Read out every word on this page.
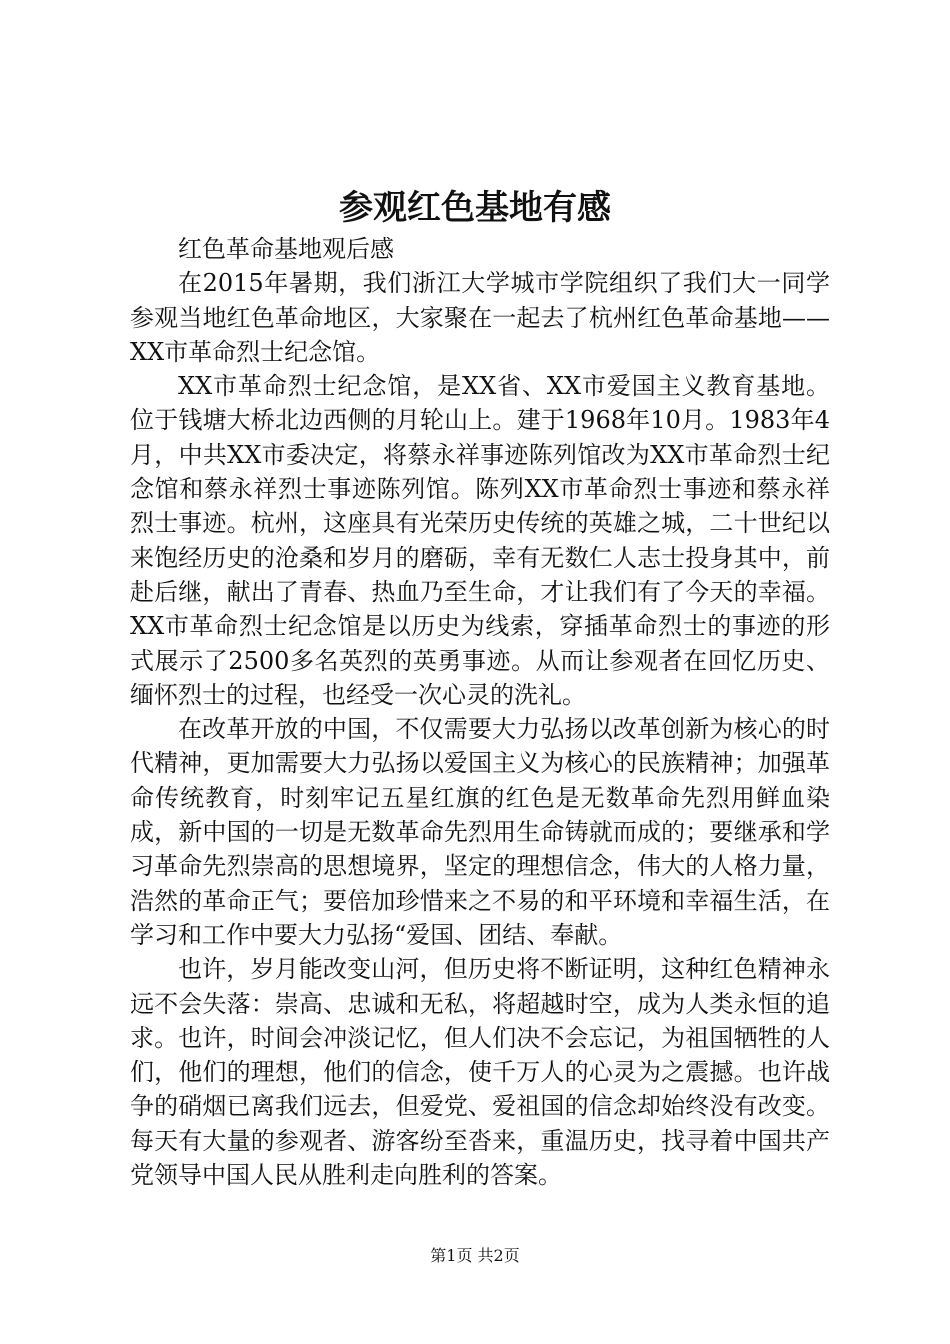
参观红色基地有感

红色革命基地观后感

在2015年暑期，我们浙江大学城市学院组织了我们大一同学参观当地红色革命地区，大家聚在一起去了杭州红色革命基地——XX市革命烈士纪念馆。

XX市革命烈士纪念馆，是XX省、XX市爱国主义教育基地。位于钱塘大桥北边西侧的月轮山上。建于1968年10月。1983年4月，中共XX市委决定，将蔡永祥事迹陈列馆改为XX市革命烈士纪念馆和蔡永祥烈士事迹陈列馆。陈列XX市革命烈士事迹和蔡永祥烈士事迹。杭州，这座具有光荣历史传统的英雄之城，二十世纪以来饱经历史的沧桑和岁月的磨砺，幸有无数仁人志士投身其中，前赴后继，献出了青春、热血乃至生命，才让我们有了今天的幸福。XX市革命烈士纪念馆是以历史为线索，穿插革命烈士的事迹的形式展示了2500多名英烈的英勇事迹。从而让参观者在回忆历史、缅怀烈士的过程，也经受一次心灵的洗礼。

在改革开放的中国，不仅需要大力弘扬以改革创新为核心的时代精神，更加需要大力弘扬以爱国主义为核心的民族精神；加强革命传统教育，时刻牢记五星红旗的红色是无数革命先烈用鲜血染成，新中国的一切是无数革命先烈用生命铸就而成的；要继承和学习革命先烈崇高的思想境界，坚定的理想信念，伟大的人格力量，浩然的革命正气；要倍加珍惜来之不易的和平环境和幸福生活，在学习和工作中要大力弘扬“爱国、团结、奉献。

也许，岁月能改变山河，但历史将不断证明，这种红色精神永远不会失落：崇高、忠诚和无私，将超越时空，成为人类永恒的追求。也许，时间会冲淡记忆，但人们决不会忘记，为祖国牺牲的人们，他们的理想，他们的信念，使千万人的心灵为之震撼。也许战争的硝烟已离我们远去，但爱党、爱祖国的信念却始终没有改变。每天有大量的参观者、游客纷至沓来，重温历史，找寻着中国共产党领导中国人民从胜利走向胜利的答案。

第1页 共2页
